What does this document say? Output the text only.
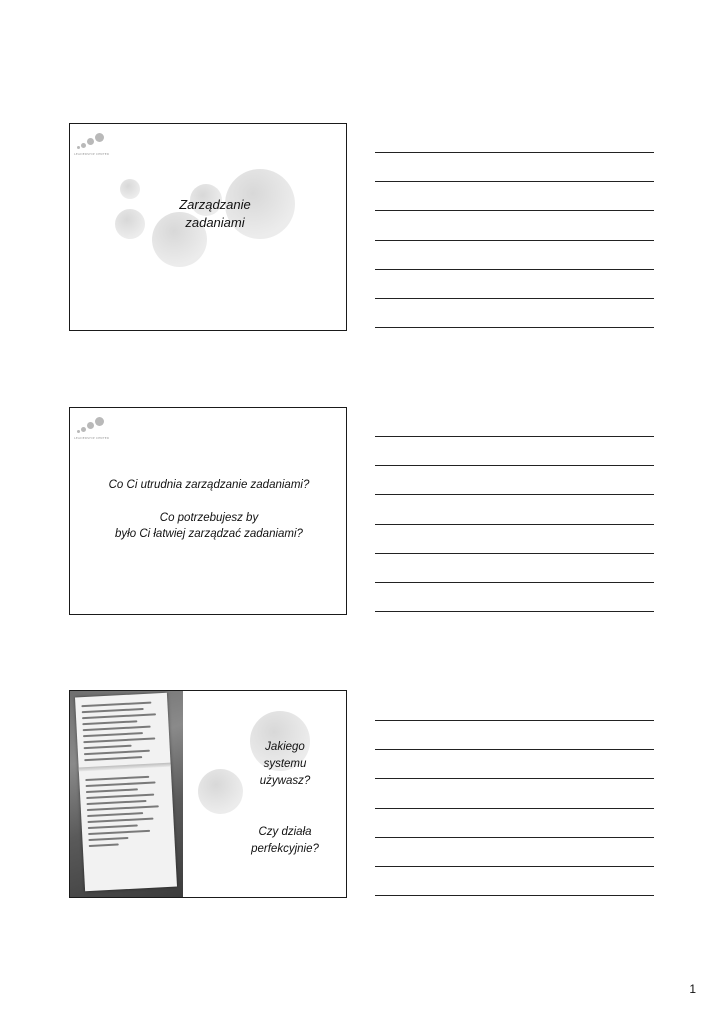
LEADERSHIP CENTER
Zarządzanie
zadaniami
LEADERSHIP CENTER
Co Ci utrudnia zarządzanie zadaniami?
Co potrzebujesz by
było Ci łatwiej zarządzać zadaniami?
Jakiego
systemu
używasz?
Czy działa
perfekcyjnie?
1
